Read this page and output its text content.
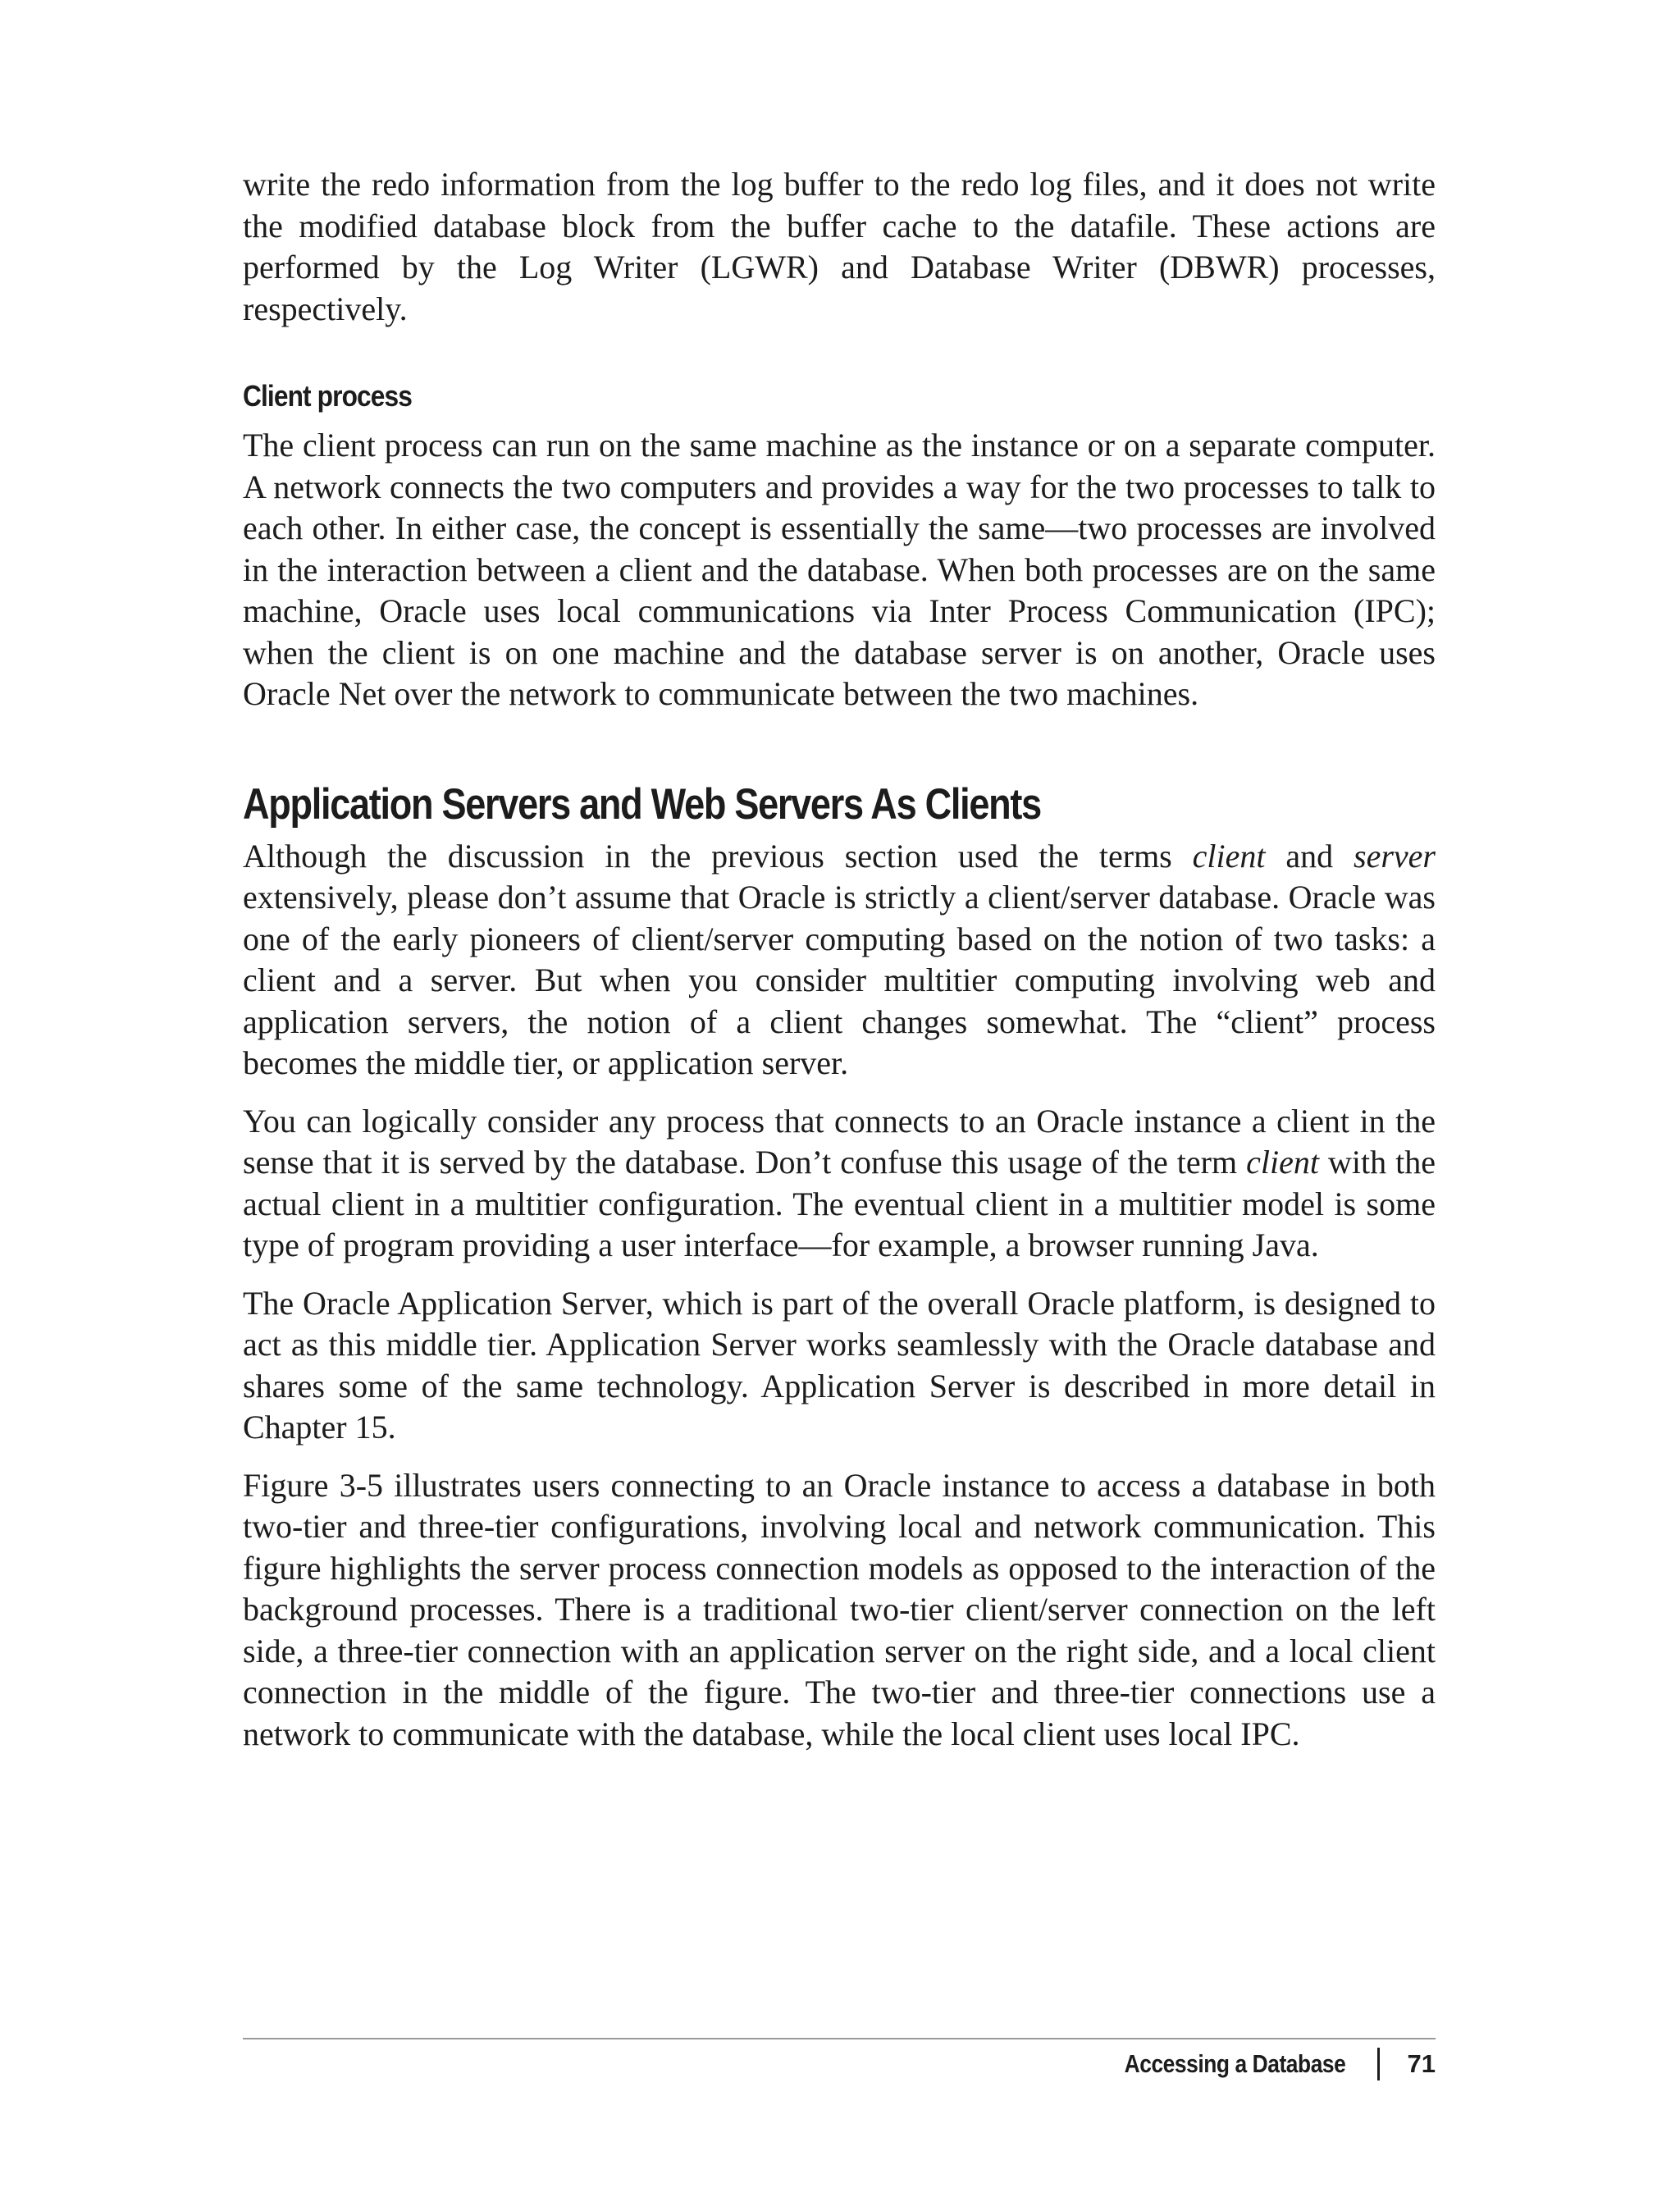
write the redo information from the log buffer to the redo log files, and it does not write the modified database block from the buffer cache to the datafile. These actions are performed by the Log Writer (LGWR) and Database Writer (DBWR) processes, respectively.

Client process

The client process can run on the same machine as the instance or on a separate computer. A network connects the two computers and provides a way for the two processes to talk to each other. In either case, the concept is essentially the same—two processes are involved in the interaction between a client and the database. When both processes are on the same machine, Oracle uses local communications via Inter Process Communication (IPC); when the client is on one machine and the database server is on another, Oracle uses Oracle Net over the network to communicate between the two machines.

Application Servers and Web Servers As Clients

Although the discussion in the previous section used the terms client and server extensively, please don’t assume that Oracle is strictly a client/server database. Oracle was one of the early pioneers of client/server computing based on the notion of two tasks: a client and a server. But when you consider multitier computing involving web and application servers, the notion of a client changes somewhat. The “client” process becomes the middle tier, or application server.

You can logically consider any process that connects to an Oracle instance a client in the sense that it is served by the database. Don’t confuse this usage of the term client with the actual client in a multitier configuration. The eventual client in a multitier model is some type of program providing a user interface—for example, a browser running Java.

The Oracle Application Server, which is part of the overall Oracle platform, is designed to act as this middle tier. Application Server works seamlessly with the Oracle database and shares some of the same technology. Application Server is described in more detail in Chapter 15.

Figure 3-5 illustrates users connecting to an Oracle instance to access a database in both two-tier and three-tier configurations, involving local and network communication. This figure highlights the server process connection models as opposed to the interaction of the background processes. There is a traditional two-tier client/server connection on the left side, a three-tier connection with an application server on the right side, and a local client connection in the middle of the figure. The two-tier and three-tier connections use a network to communicate with the database, while the local client uses local IPC.

Accessing a Database 71
